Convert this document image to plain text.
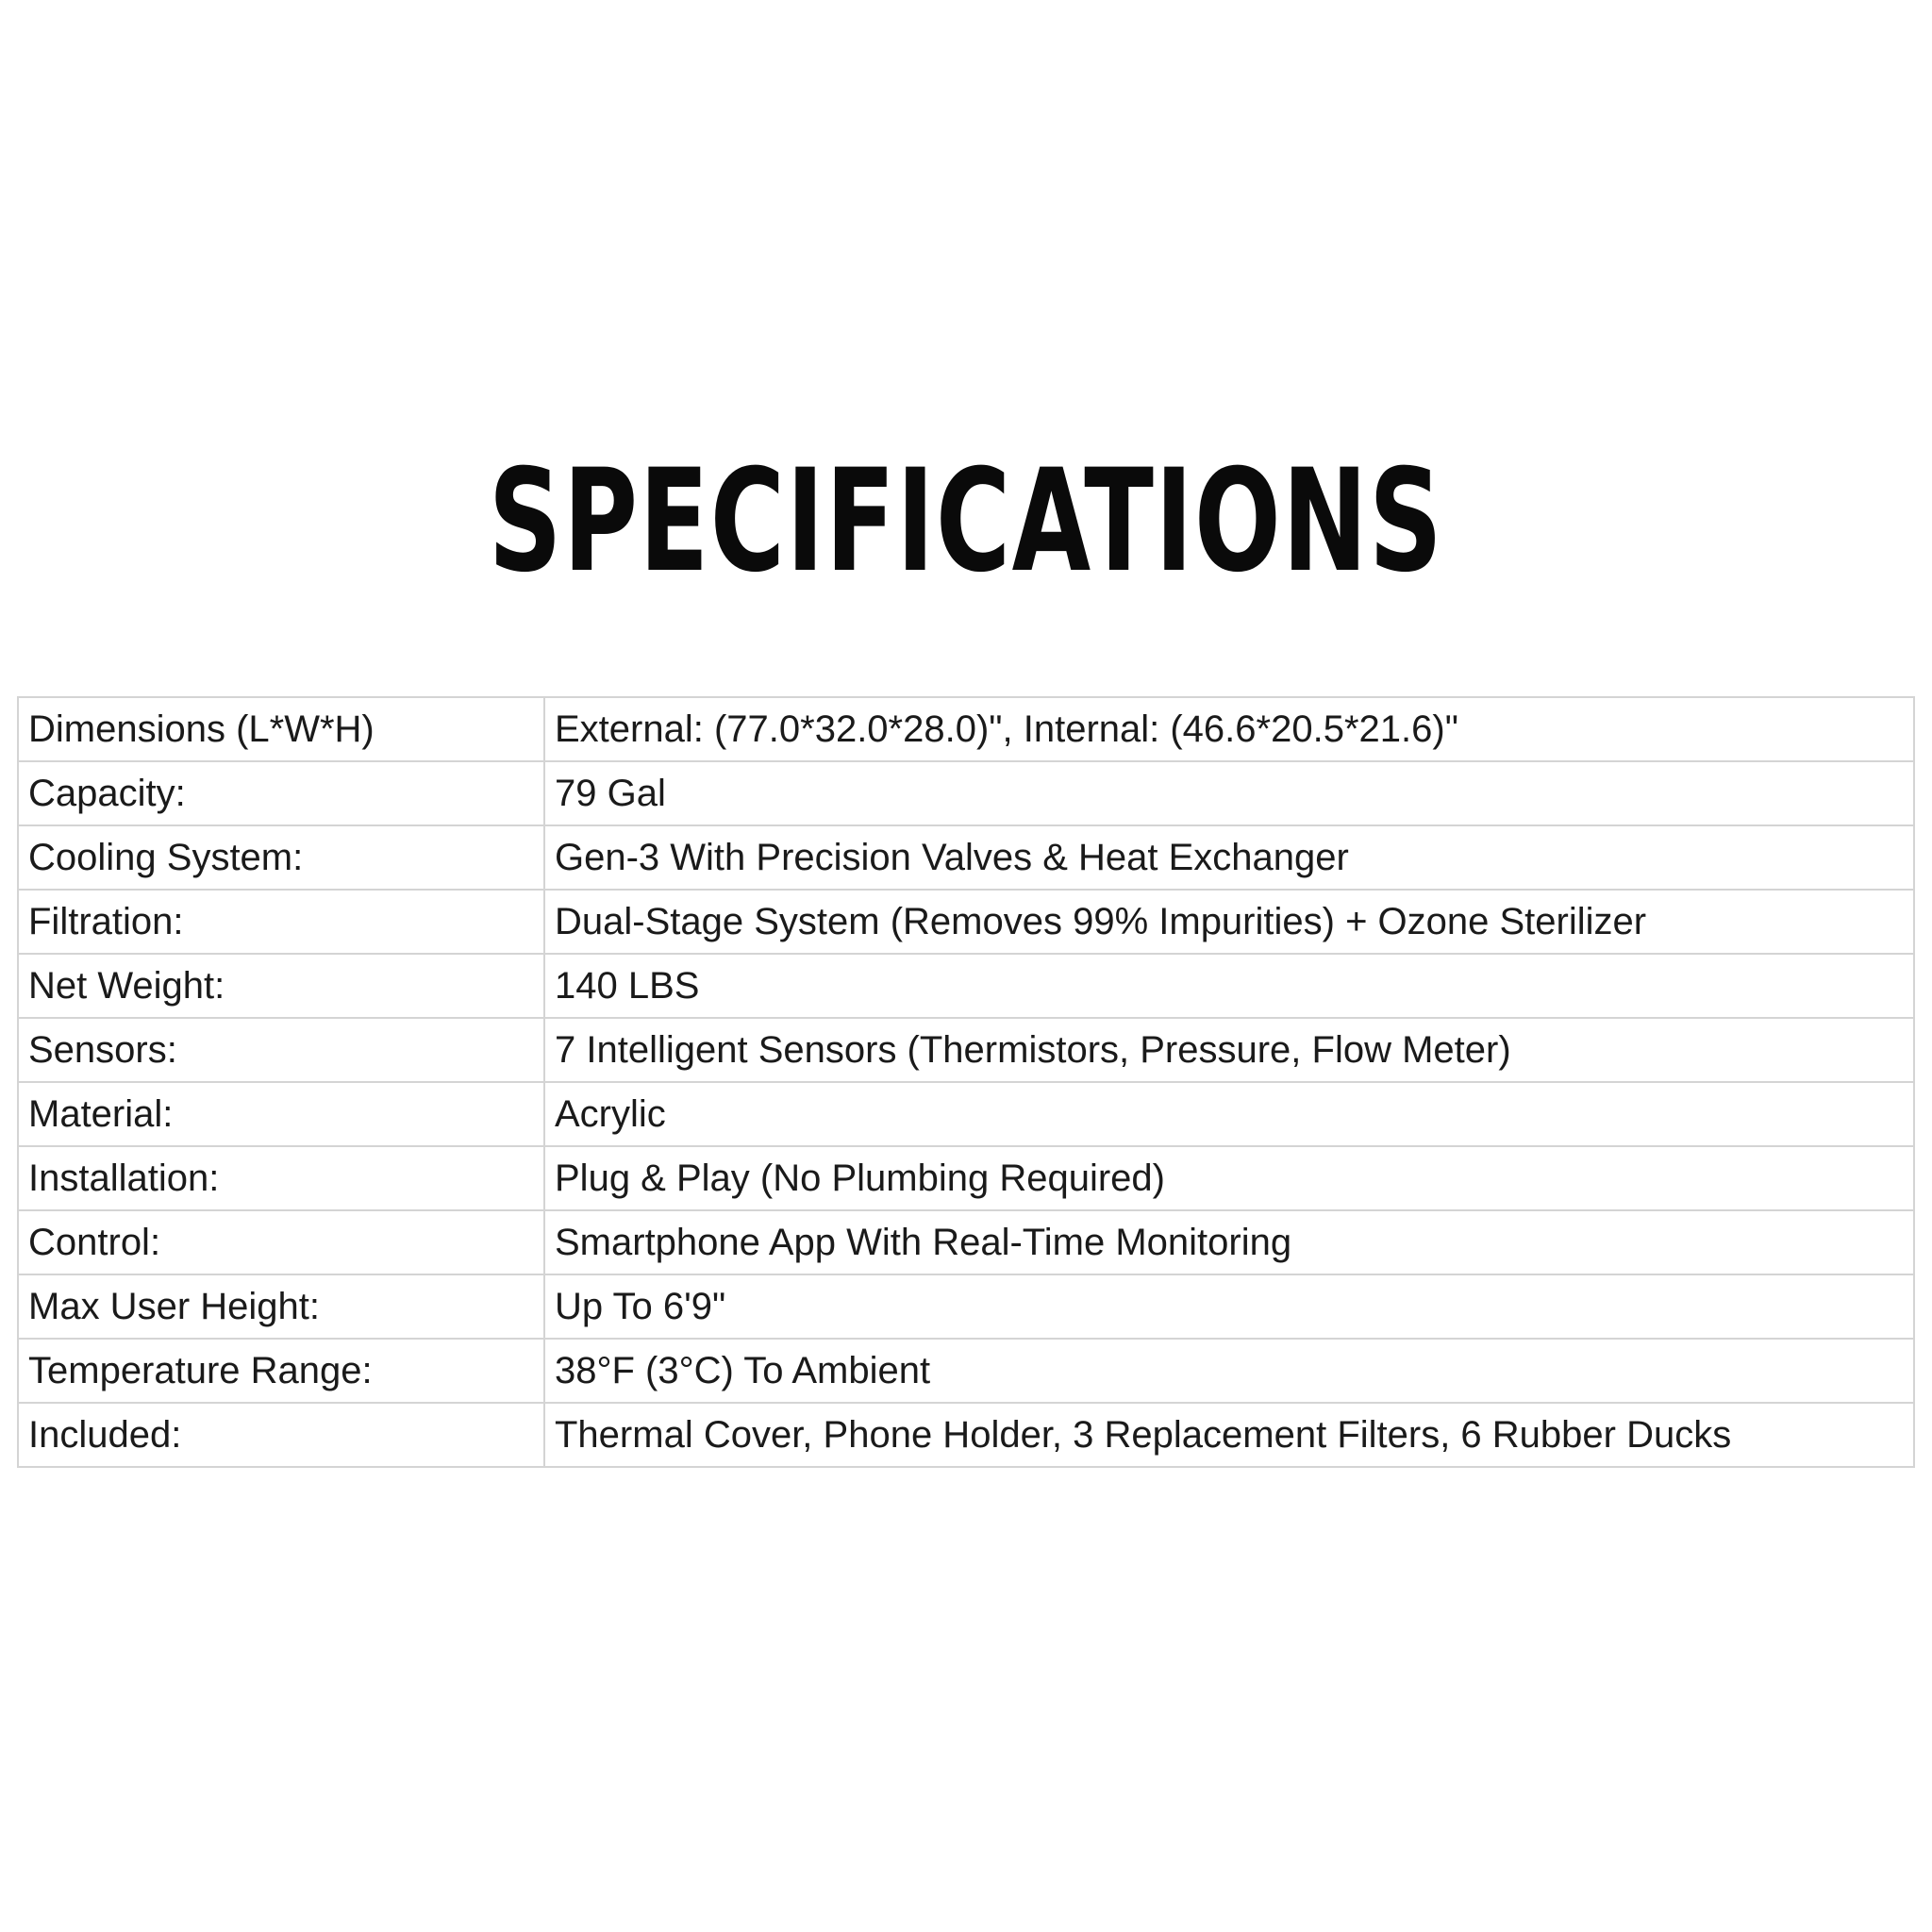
SPECIFICATIONS
Dimensions (L*W*H)	External: (77.0*32.0*28.0)", Internal: (46.6*20.5*21.6)"
Capacity:	79 Gal
Cooling System:	Gen-3 With Precision Valves & Heat Exchanger
Filtration:	Dual-Stage System (Removes 99% Impurities) + Ozone Sterilizer
Net Weight:	140 LBS
Sensors:	7 Intelligent Sensors (Thermistors, Pressure, Flow Meter)
Material:	Acrylic
Installation:	Plug & Play (No Plumbing Required)
Control:	Smartphone App With Real-Time Monitoring
Max User Height:	Up To 6'9"
Temperature Range:	38°F (3°C) To Ambient
Included:	Thermal Cover, Phone Holder, 3 Replacement Filters, 6 Rubber Ducks
